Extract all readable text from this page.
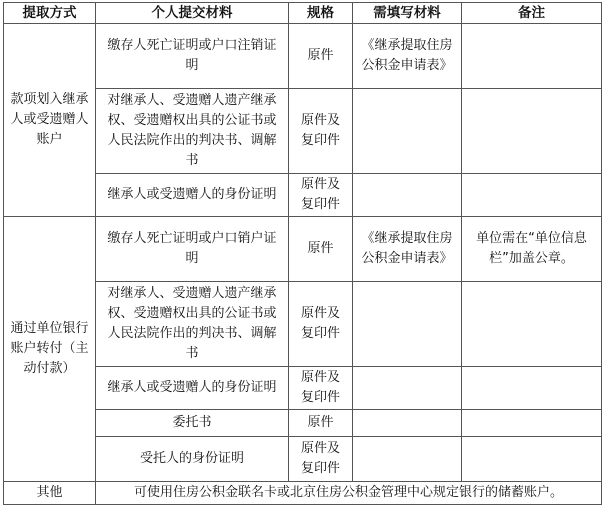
提取方式	个人提交材料	规格	需填写材料	备注
款项划入继承人或受遗赠人账户	缴存人死亡证明或户口注销证明	原件	《继承提取住房公积金申请表》	
	对继承人、受遗赠人遗产继承权、受遗赠权出具的公证书或人民法院作出的判决书、调解书	原件及复印件		
	继承人或受遗赠人的身份证明	原件及复印件		
通过单位银行账户转付（主动付款）	缴存人死亡证明或户口销户证明	原件	《继承提取住房公积金申请表》	单位需在“单位信息栏”加盖公章。
	对继承人、受遗赠人遗产继承权、受遗赠权出具的公证书或人民法院作出的判决书、调解书	原件及复印件		
	继承人或受遗赠人的身份证明	原件及复印件		
	委托书	原件		
	受托人的身份证明	原件及复印件		
其他	可使用住房公积金联名卡或北京住房公积金管理中心规定银行的储蓄账户。			
